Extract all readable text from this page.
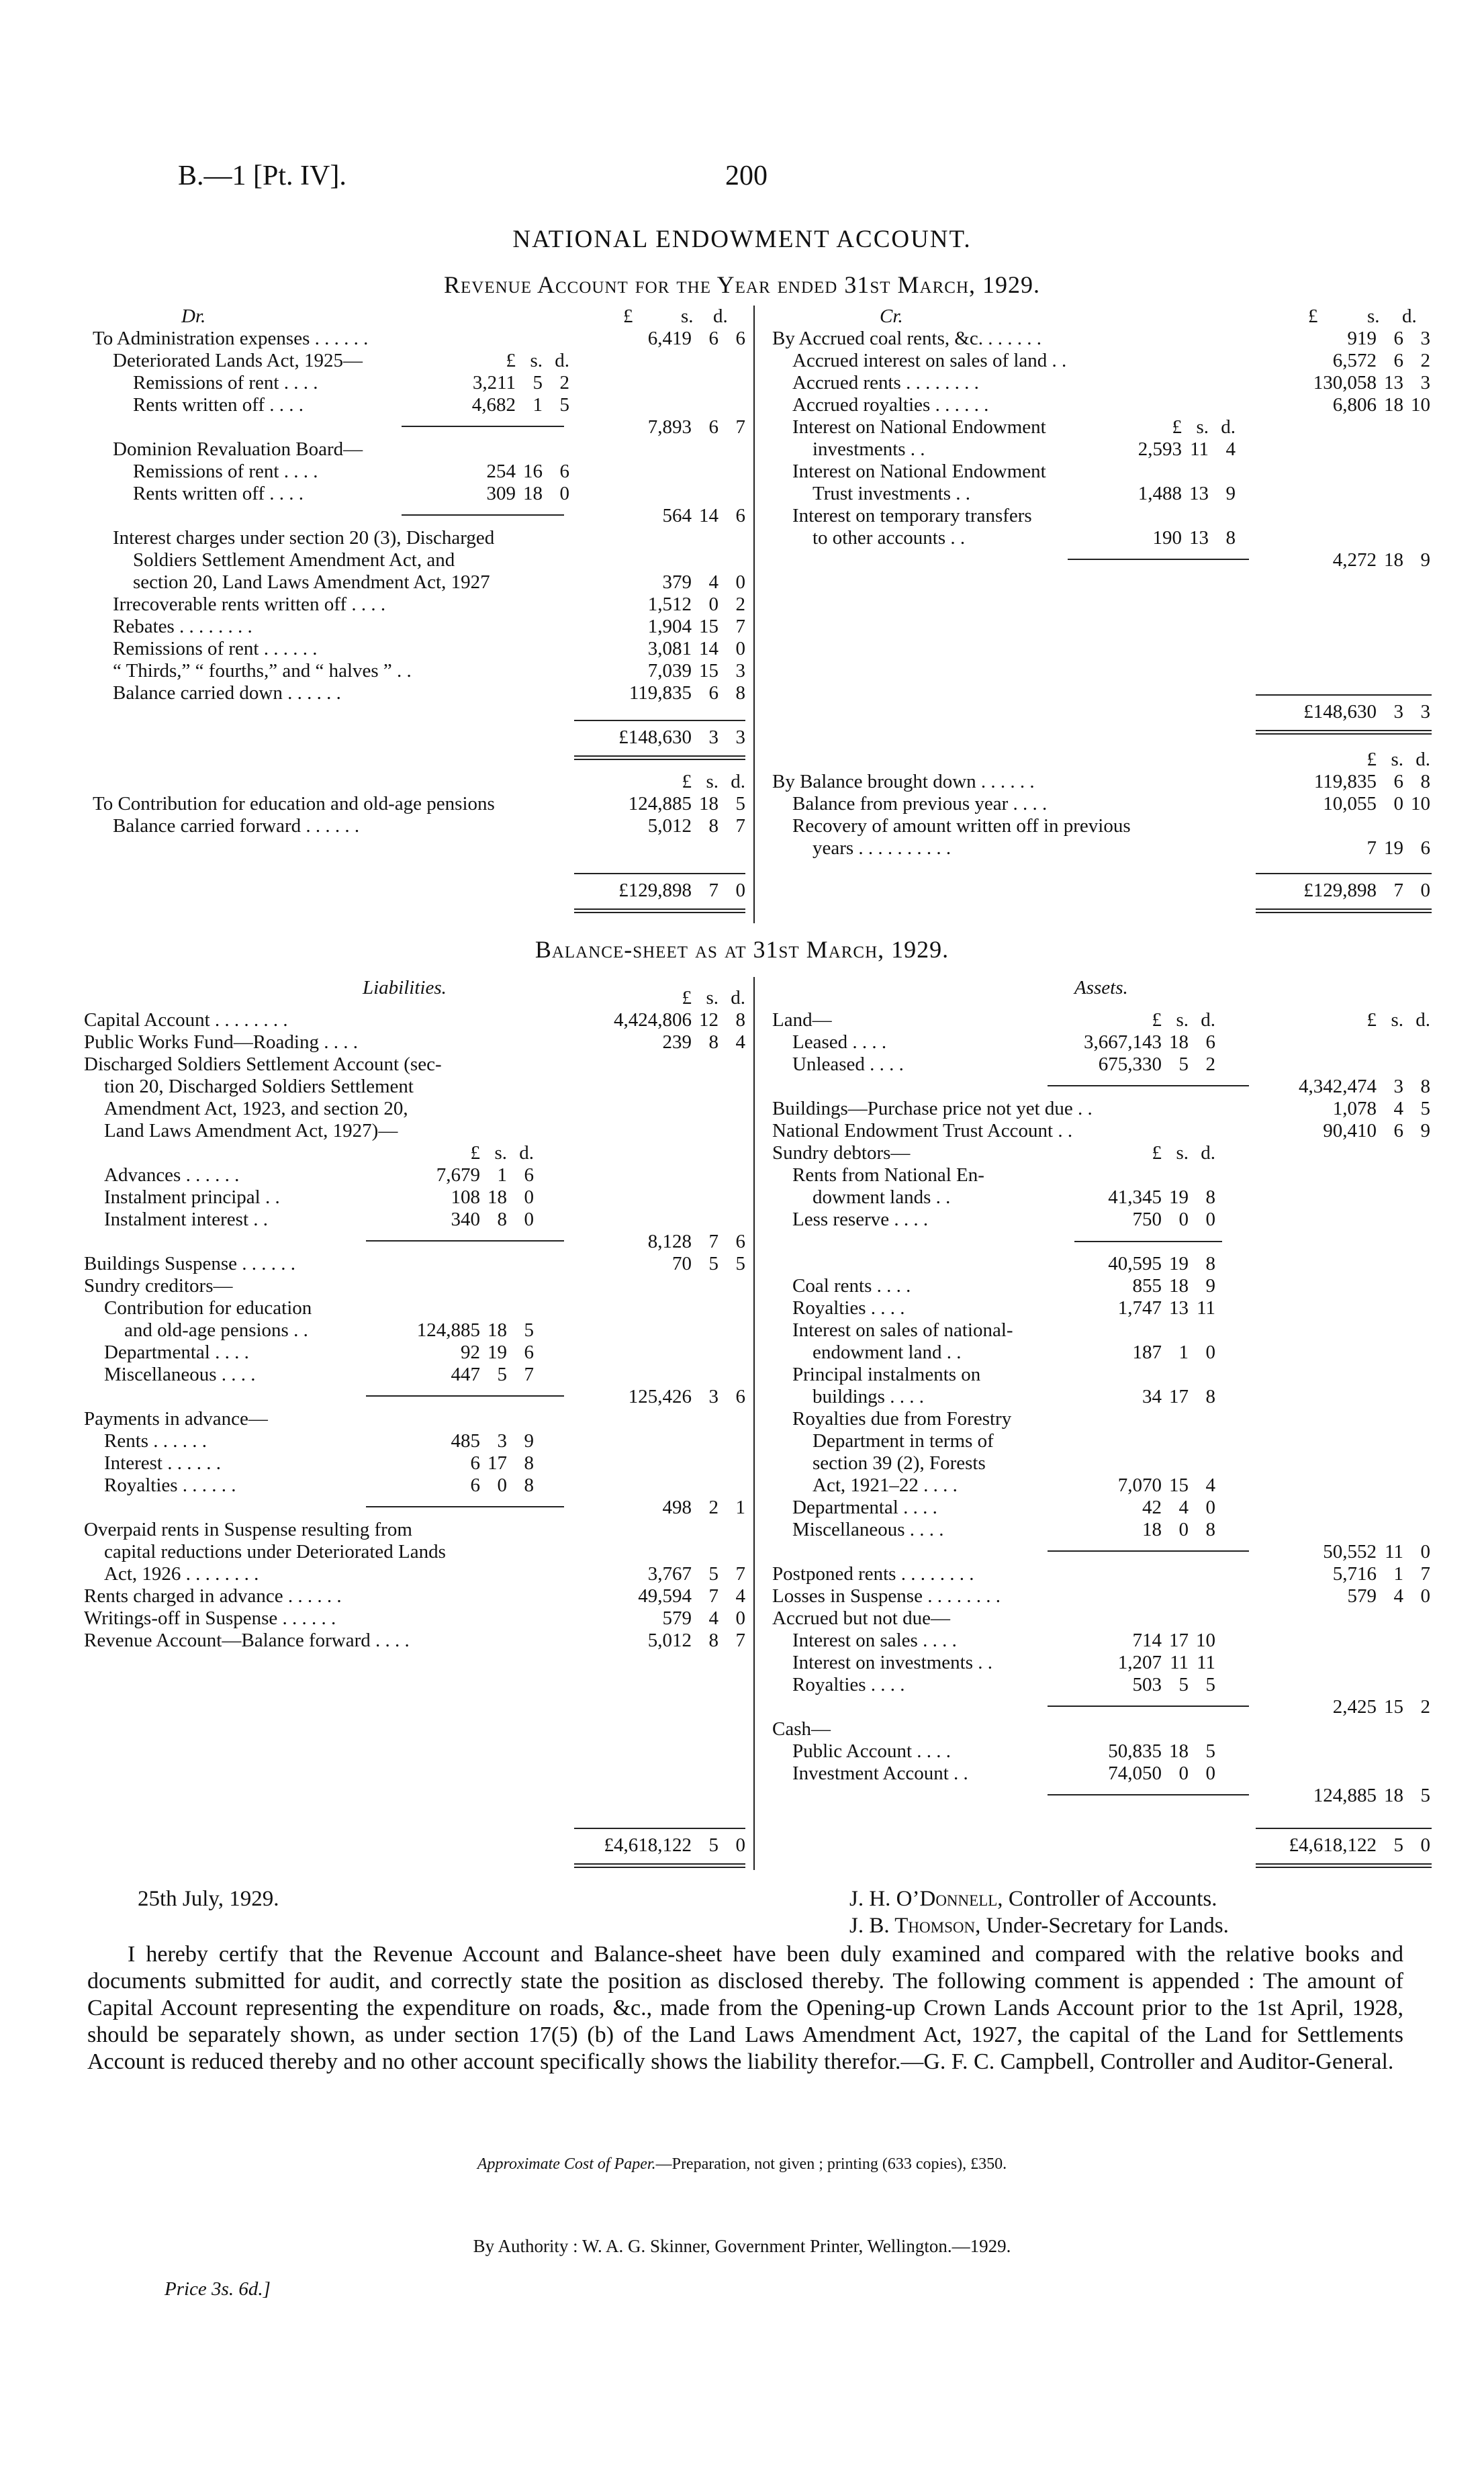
B.—1 [Pt. IV].	200
NATIONAL ENDOWMENT ACCOUNT.
Revenue Account for the Year ended 31st March, 1929.
Dr.	Cr.
£ s. d.	£	s. d.
To Administration expenses . . . . . .	6,419 6 6
Deteriorated Lands Act, 1925—	£ s. d.
Remissions of rent . . . .	3,211 5 2
Rents written off . . . .	4,682 1 5
7,893 6 7
Dominion Revaluation Board—
Remissions of rent . . . .	254 16 6
Rents written off . . . .	309 18 0
564 14 6
Interest charges under section 20 (3), Discharged
Soldiers Settlement Amendment Act, and
section 20, Land Laws Amendment Act, 1927	379 4 0
Irrecoverable rents written off . . . .	1,512 0 2
Rebates . . . . . . . .	1,904 15 7
Remissions of rent . . . . . .	3,081 14 0
“ Thirds,” “ fourths,” and “ halves ” . .	7,039 15 3
Balance carried down . . . . . .	119,835 6 8
By Accrued coal rents, &c. . . . . . .	919 6 3
Accrued interest on sales of land . .	6,572 6 2
Accrued rents . . . . . . . .	130,058 13 3
Accrued royalties . . . . . .	6,806 18 10
Interest on National Endowment	£ s. d.
investments . .	2,593 11 4
Interest on National Endowment
Trust investments . .	1,488 13 9
Interest on temporary transfers
to other accounts . .	190 13 8
4,272 18 9
£148,630 3 3
£148,630 3 3
£ s. d.
To Contribution for education and old-age pensions	124,885 18 5
Balance carried forward . . . . . .	5,012 8 7
£ s. d.
By Balance brought down . . . . . .	119,835 6 8
Balance from previous year . . . .	10,055 0 10
Recovery of amount written off in previous
years . . . . . . . . . .	7 19 6
£129,898 7 0	£129,898 7 0
Balance-sheet as at 31st March, 1929.
Liabilities.	Assets.
£ s. d.
Capital Account . . . . . . . .	4,424,806 12 8
Public Works Fund—Roading . . . .	239 8 4
Discharged Soldiers Settlement Account (sec-
tion 20, Discharged Soldiers Settlement
Amendment Act, 1923, and section 20,
Land Laws Amendment Act, 1927)—
£ s. d.
Advances . . . . . .	7,679 1 6
Instalment principal . .	108 18 0
Instalment interest . .	340 8 0
8,128 7 6
Buildings Suspense . . . . . .	70 5 5
Sundry creditors—
Contribution for education
and old-age pensions . .	124,885 18 5
Departmental . . . .	92 19 6
Miscellaneous . . . .	447 5 7
125,426 3 6
Payments in advance—
Rents . . . . . .	485 3 9
Interest . . . . . .	6 17 8
Royalties . . . . . .	6 0 8
498 2 1
Overpaid rents in Suspense resulting from
capital reductions under Deteriorated Lands
Act, 1926 . . . . . . . .	3,767 5 7
Rents charged in advance . . . . . .	49,594 7 4
Writings-off in Suspense . . . . . .	579 4 0
Revenue Account—Balance forward . . . .	5,012 8 7
Land—	£ s. d.	£ s. d.
Leased . . . .	3,667,143 18 6
Unleased . . . .	675,330 5 2
4,342,474 3 8
Buildings—Purchase price not yet due . .	1,078 4 5
National Endowment Trust Account . .	90,410 6 9
Sundry debtors—	£ s. d.
Rents from National En-
dowment lands . .	41,345 19 8
Less reserve . . . .	750 0 0
40,595 19 8
Coal rents . . . .	855 18 9
Royalties . . . .	1,747 13 11
Interest on sales of national-
endowment land . .	187 1 0
Principal instalments on
buildings . . . .	34 17 8
Royalties due from Forestry
Department in terms of
section 39 (2), Forests
Act, 1921–22 . . . .	7,070 15 4
Departmental . . . .	42 4 0
Miscellaneous . . . .	18 0 8
50,552 11 0
Postponed rents . . . . . . . .	5,716 1 7
Losses in Suspense . . . . . . . .	579 4 0
Accrued but not due—
Interest on sales . . . .	714 17 10
Interest on investments . .	1,207 11 11
Royalties . . . .	503 5 5
2,425 15 2
Cash—
Public Account . . . .	50,835 18 5
Investment Account . .	74,050 0 0
124,885 18 5
£4,618,122 5 0	£4,618,122 5 0
25th July, 1929.	J. H. O’Donnell, Controller of Accounts.
J. B. Thomson, Under-Secretary for Lands.
I hereby certify that the Revenue Account and Balance-sheet have been duly examined and compared with the relative books and documents submitted for audit, and correctly state the position as disclosed thereby. The following comment is appended : The amount of Capital Account representing the expenditure on roads, &c., made from the Opening-up Crown Lands Account prior to the 1st April, 1928, should be separately shown, as under section 17(5) (b) of the Land Laws Amendment Act, 1927, the capital of the Land for Settlements Account is reduced thereby and no other account specifically shows the liability therefor.—G. F. C. Campbell, Controller and Auditor-General.
Approximate Cost of Paper.—Preparation, not given ; printing (633 copies), £350.
By Authority : W. A. G. Skinner, Government Printer, Wellington.—1929.
Price 3s. 6d.]
